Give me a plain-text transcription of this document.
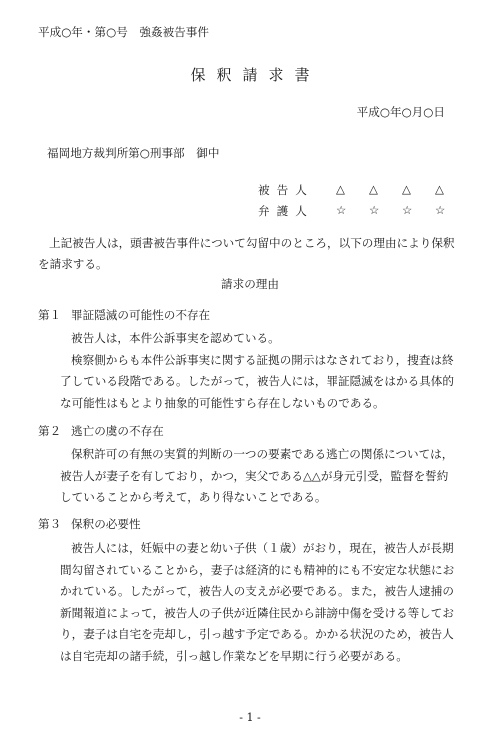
平成○年・第○号　強姦被告事件
保釈請求書
平成○年○月○日
福岡地方裁判所第○刑事部　御中
被告人	△	△	△	△
弁護人	☆	☆	☆	☆
上記被告人は，頭書被告事件について勾留中のところ，以下の理由により保釈
を請求する。
請求の理由
第１ 罪証隠滅の可能性の不存在
被告人は，本件公訴事実を認めている。
検察側からも本件公訴事実に関する証拠の開示はなされており，捜査は終
了している段階である。したがって，被告人には，罪証隠滅をはかる具体的
な可能性はもとより抽象的可能性すら存在しないものである。
第２ 逃亡の虞の不存在
保釈許可の有無の実質的判断の一つの要素である逃亡の関係については，
被告人が妻子を有しており，かつ，実父である△△が身元引受，監督を誓約
していることから考えて，あり得ないことである。
第３ 保釈の必要性
被告人には，妊娠中の妻と幼い子供（１歳）がおり，現在，被告人が長期
間勾留されていることから，妻子は経済的にも精神的にも不安定な状態にお
かれている。したがって，被告人の支えが必要である。また，被告人逮捕の
新聞報道によって，被告人の子供が近隣住民から誹謗中傷を受ける等してお
り，妻子は自宅を売却し，引っ越す予定である。かかる状況のため，被告人
は自宅売却の諸手続，引っ越し作業などを早期に行う必要がある。
- 1 -
